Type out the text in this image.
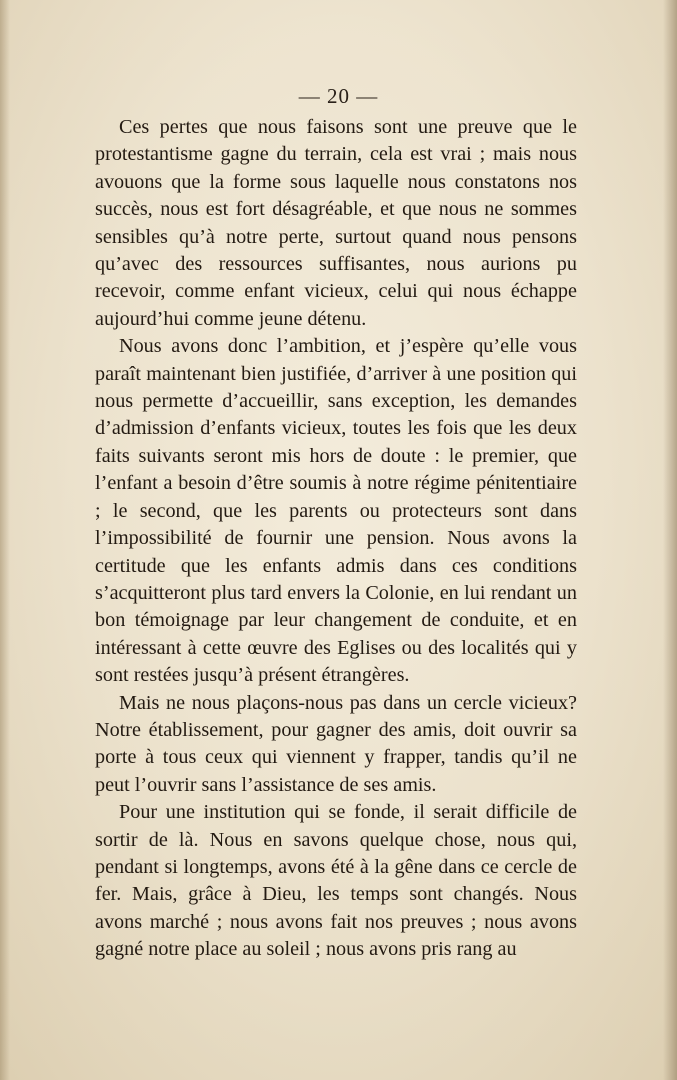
— 20 —

Ces pertes que nous faisons sont une preuve que le protestantisme gagne du terrain, cela est vrai ; mais nous avouons que la forme sous laquelle nous constatons nos succès, nous est fort désagréable, et que nous ne sommes sensibles qu’à notre perte, surtout quand nous pensons qu’avec des ressources suffisantes, nous aurions pu recevoir, comme enfant vicieux, celui qui nous échappe aujourd’hui comme jeune détenu.

Nous avons donc l’ambition, et j’espère qu’elle vous paraît maintenant bien justifiée, d’arriver à une position qui nous permette d’accueillir, sans exception, les demandes d’admission d’enfants vicieux, toutes les fois que les deux faits suivants seront mis hors de doute : le premier, que l’enfant a besoin d’être soumis à notre régime pénitentiaire ; le second, que les parents ou protecteurs sont dans l’impossibilité de fournir une pension. Nous avons la certitude que les enfants admis dans ces conditions s’acquitteront plus tard envers la Colonie, en lui rendant un bon témoignage par leur changement de conduite, et en intéressant à cette œuvre des Eglises ou des localités qui y sont restées jusqu’à présent étrangères.

Mais ne nous plaçons-nous pas dans un cercle vicieux? Notre établissement, pour gagner des amis, doit ouvrir sa porte à tous ceux qui viennent y frapper, tandis qu’il ne peut l’ouvrir sans l’assistance de ses amis.

Pour une institution qui se fonde, il serait difficile de sortir de là. Nous en savons quelque chose, nous qui, pendant si longtemps, avons été à la gêne dans ce cercle de fer. Mais, grâce à Dieu, les temps sont changés. Nous avons marché ; nous avons fait nos preuves ; nous avons gagné notre place au soleil ; nous avons pris rang au
